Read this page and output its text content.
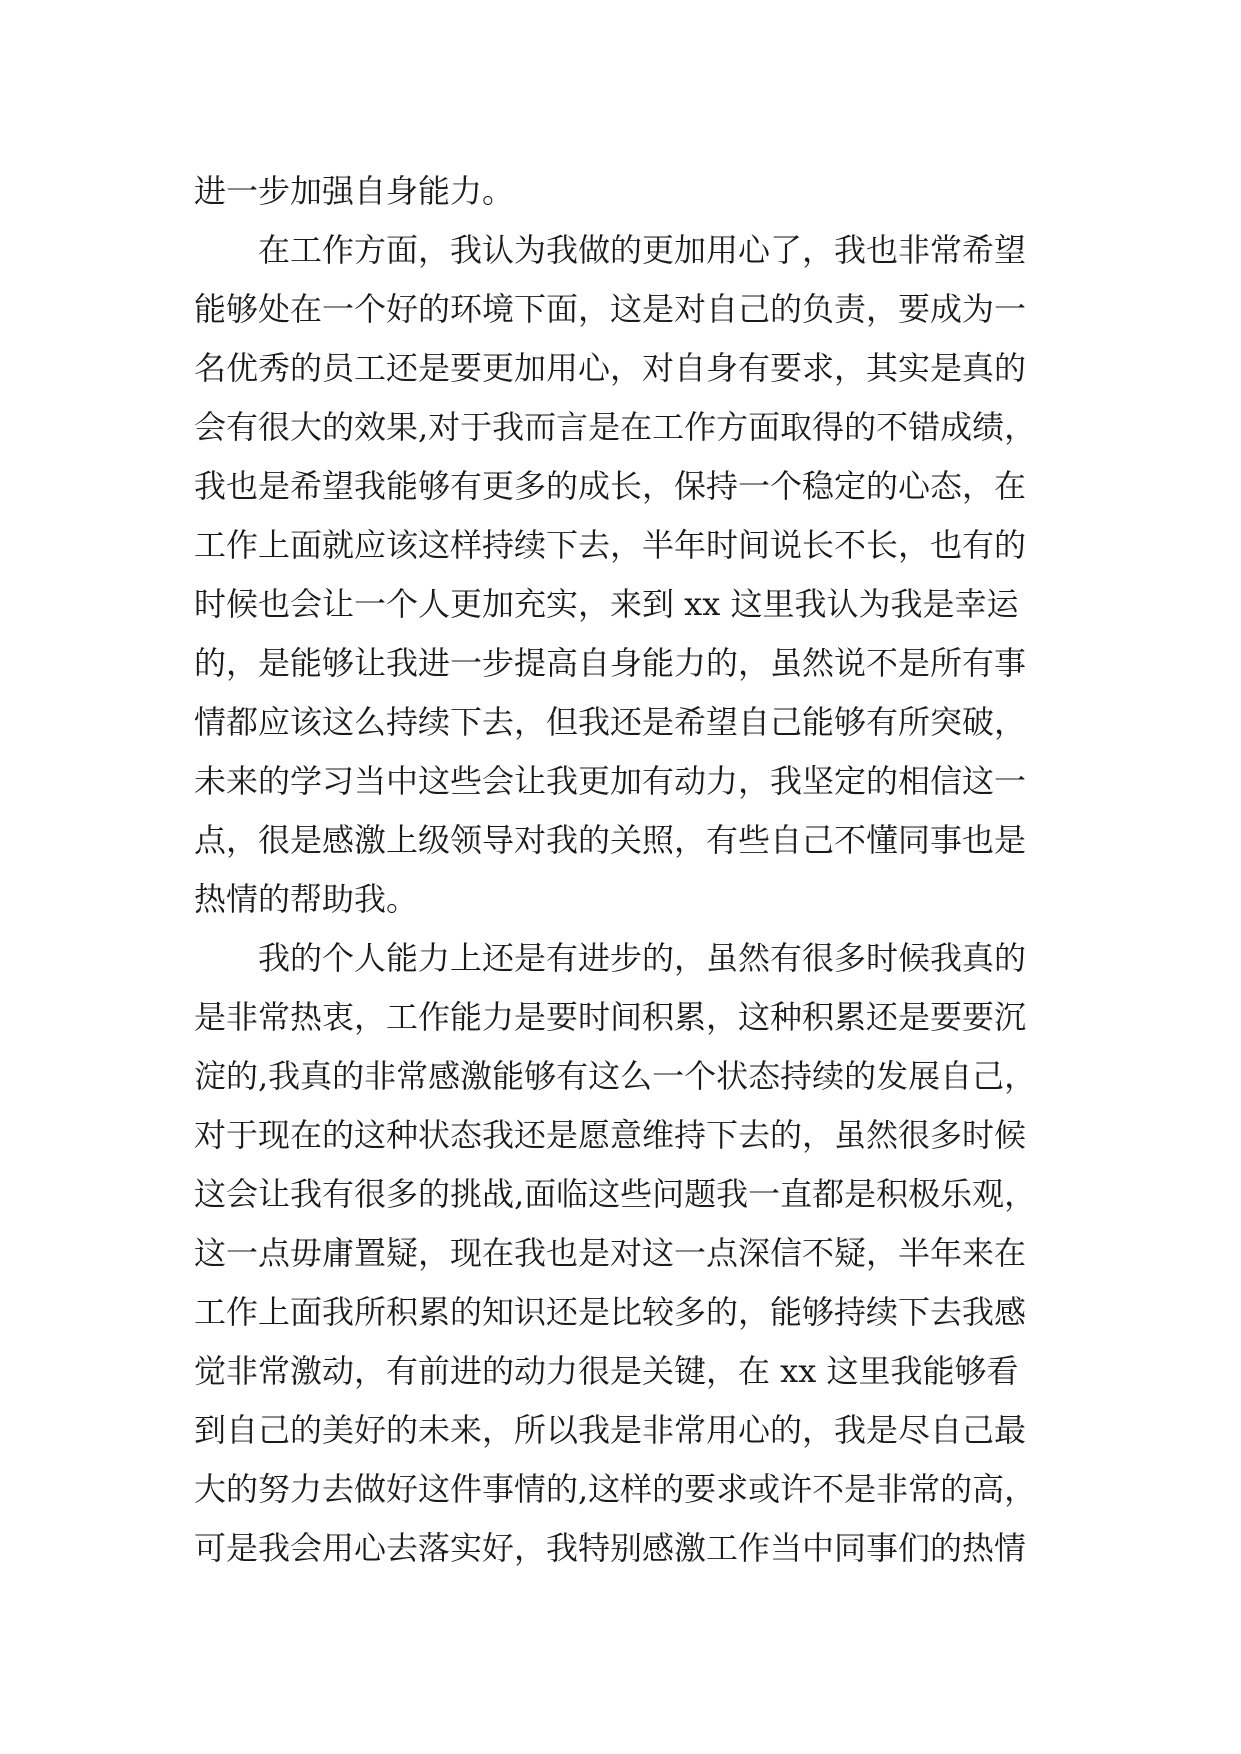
进一步加强自身能力。
在工作方面，我认为我做的更加用心了，我也非常希望
能够处在一个好的环境下面，这是对自己的负责，要成为一
名优秀的员工还是要更加用心，对自身有要求，其实是真的
会有很大的效果,对于我而言是在工作方面取得的不错成绩，
我也是希望我能够有更多的成长，保持一个稳定的心态，在
工作上面就应该这样持续下去，半年时间说长不长，也有的
时候也会让一个人更加充实，来到 xx 这里我认为我是幸运
的，是能够让我进一步提高自身能力的，虽然说不是所有事
情都应该这么持续下去，但我还是希望自己能够有所突破，
未来的学习当中这些会让我更加有动力，我坚定的相信这一
点，很是感激上级领导对我的关照，有些自己不懂同事也是
热情的帮助我。
我的个人能力上还是有进步的，虽然有很多时候我真的
是非常热衷，工作能力是要时间积累，这种积累还是要要沉
淀的,我真的非常感激能够有这么一个状态持续的发展自己，
对于现在的这种状态我还是愿意维持下去的，虽然很多时候
这会让我有很多的挑战,面临这些问题我一直都是积极乐观，
这一点毋庸置疑，现在我也是对这一点深信不疑，半年来在
工作上面我所积累的知识还是比较多的，能够持续下去我感
觉非常激动，有前进的动力很是关键，在 xx 这里我能够看
到自己的美好的未来，所以我是非常用心的，我是尽自己最
大的努力去做好这件事情的,这样的要求或许不是非常的高，
可是我会用心去落实好，我特别感激工作当中同事们的热情
